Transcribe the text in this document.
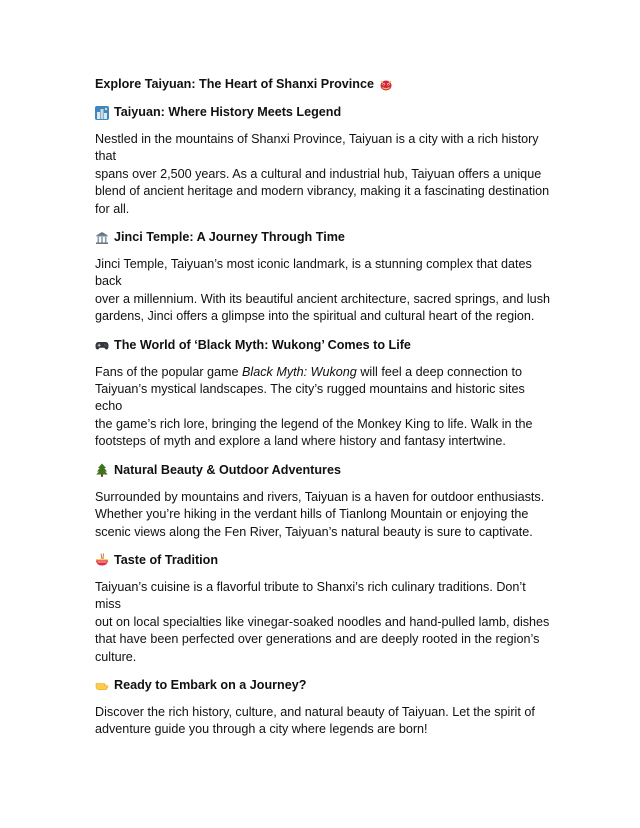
Explore Taiyuan: The Heart of Shanxi Province
Taiyuan: Where History Meets Legend

Nestled in the mountains of Shanxi Province, Taiyuan is a city with a rich history that
spans over 2,500 years. As a cultural and industrial hub, Taiyuan offers a unique
blend of ancient heritage and modern vibrancy, making it a fascinating destination
for all.

Jinci Temple: A Journey Through Time

Jinci Temple, Taiyuan’s most iconic landmark, is a stunning complex that dates back
over a millennium. With its beautiful ancient architecture, sacred springs, and lush
gardens, Jinci offers a glimpse into the spiritual and cultural heart of the region.

The World of ‘Black Myth: Wukong’ Comes to Life

Fans of the popular game Black Myth: Wukong will feel a deep connection to
Taiyuan’s mystical landscapes. The city’s rugged mountains and historic sites echo
the game’s rich lore, bringing the legend of the Monkey King to life. Walk in the
footsteps of myth and explore a land where history and fantasy intertwine.

Natural Beauty & Outdoor Adventures

Surrounded by mountains and rivers, Taiyuan is a haven for outdoor enthusiasts.
Whether you’re hiking in the verdant hills of Tianlong Mountain or enjoying the
scenic views along the Fen River, Taiyuan’s natural beauty is sure to captivate.

Taste of Tradition

Taiyuan’s cuisine is a flavorful tribute to Shanxi’s rich culinary traditions. Don’t miss
out on local specialties like vinegar-soaked noodles and hand-pulled lamb, dishes
that have been perfected over generations and are deeply rooted in the region’s
culture.

Ready to Embark on a Journey?

Discover the rich history, culture, and natural beauty of Taiyuan. Let the spirit of
adventure guide you through a city where legends are born!
